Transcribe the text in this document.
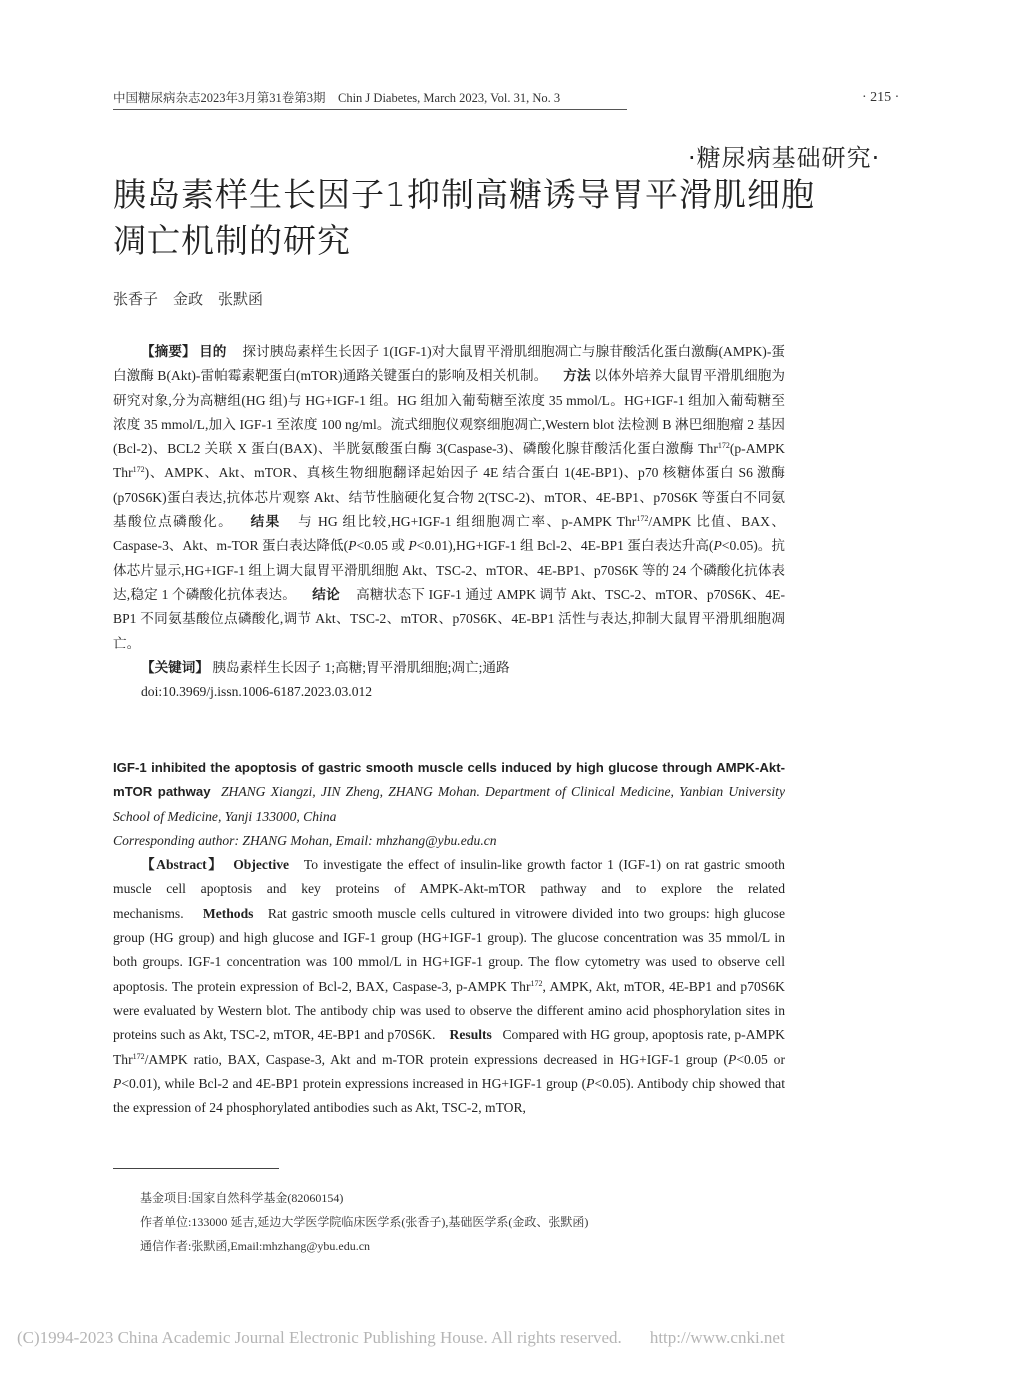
中国糖尿病杂志2023年3月第31卷第3期　Chin J Diabetes, March 2023, Vol. 31, No. 3	· 215 ·
·糖尿病基础研究·
胰岛素样生长因子1抑制高糖诱导胃平滑肌细胞
凋亡机制的研究
张香子　金政　张默函

【摘要】 目的 探讨胰岛素样生长因子 1(IGF-1)对大鼠胃平滑肌细胞凋亡与腺苷酸活化蛋白激酶(AMPK)-蛋白激酶 B(Akt)-雷帕霉素靶蛋白(mTOR)通路关键蛋白的影响及相关机制。 方法 以体外培养大鼠胃平滑肌细胞为研究对象,分为高糖组(HG 组)与 HG+IGF-1 组。HG 组加入葡萄糖至浓度 35 mmol/L。HG+IGF-1 组加入葡萄糖至浓度 35 mmol/L,加入 IGF-1 至浓度 100 ng/ml。流式细胞仪观察细胞凋亡,Western blot 法检测 B 淋巴细胞瘤 2 基因(Bcl-2)、BCL2 关联 X 蛋白(BAX)、半胱氨酸蛋白酶 3(Caspase-3)、磷酸化腺苷酸活化蛋白激酶 Thr$^{172}$(p-AMPK Thr$^{172}$)、AMPK、Akt、mTOR、真核生物细胞翻译起始因子 4E 结合蛋白 1(4E-BP1)、p70 核糖体蛋白 S6 激酶(p70S6K)蛋白表达,抗体芯片观察 Akt、结节性脑硬化复合物 2(TSC-2)、mTOR、4E-BP1、p70S6K 等蛋白不同氨基酸位点磷酸化。 结果 与 HG 组比较,HG+IGF-1 组细胞凋亡率、p-AMPK Thr$^{172}$/AMPK 比值、BAX、Caspase-3、Akt、m-TOR 蛋白表达降低(P<0.05 或 P<0.01),HG+IGF-1 组 Bcl-2、4E-BP1 蛋白表达升高(P<0.05)。抗体芯片显示,HG+IGF-1 组上调大鼠胃平滑肌细胞 Akt、TSC-2、mTOR、4E-BP1、p70S6K 等的 24 个磷酸化抗体表达,稳定 1 个磷酸化抗体表达。 结论 高糖状态下 IGF-1 通过 AMPK 调节 Akt、TSC-2、mTOR、p70S6K、4E-BP1 不同氨基酸位点磷酸化,调节 Akt、TSC-2、mTOR、p70S6K、4E-BP1 活性与表达,抑制大鼠胃平滑肌细胞凋亡。

【关键词】 胰岛素样生长因子 1;高糖;胃平滑肌细胞;凋亡;通路

doi:10.3969/j.issn.1006-6187.2023.03.012

IGF-1 inhibited the apoptosis of gastric smooth muscle cells induced by high glucose through AMPK-Akt-mTOR pathway ZHANG Xiangzi, JIN Zheng, ZHANG Mohan. Department of Clinical Medicine, Yanbian University School of Medicine, Yanji 133000, China

Corresponding author: ZHANG Mohan, Email: mhzhang@ybu.edu.cn

【Abstract】 Objective To investigate the effect of insulin-like growth factor 1 (IGF-1) on rat gastric smooth muscle cell apoptosis and key proteins of AMPK-Akt-mTOR pathway and to explore the related mechanisms. Methods Rat gastric smooth muscle cells cultured in vitrowere divided into two groups: high glucose group (HG group) and high glucose and IGF-1 group (HG+IGF-1 group). The glucose concentration was 35 mmol/L in both groups. IGF-1 concentration was 100 mmol/L in HG+IGF-1 group. The flow cytometry was used to observe cell apoptosis. The protein expression of Bcl-2, BAX, Caspase-3, p-AMPK Thr$^{172}$, AMPK, Akt, mTOR, 4E-BP1 and p70S6K were evaluated by Western blot. The antibody chip was used to observe the different amino acid phosphorylation sites in proteins such as Akt, TSC-2, mTOR, 4E-BP1 and p70S6K. Results Compared with HG group, apoptosis rate, p-AMPK Thr$^{172}$/AMPK ratio, BAX, Caspase-3, Akt and m-TOR protein expressions decreased in HG+IGF-1 group (P<0.05 or P<0.01), while Bcl-2 and 4E-BP1 protein expressions increased in HG+IGF-1 group (P<0.05). Antibody chip showed that the expression of 24 phosphorylated antibodies such as Akt, TSC-2, mTOR,

基金项目:国家自然科学基金(82060154)

作者单位:133000 延吉,延边大学医学院临床医学系(张香子),基础医学系(金政、张默函)

通信作者:张默函,Email:mhzhang@ybu.edu.cn

(C)1994-2023 China Academic Journal Electronic Publishing House. All rights reserved. http://www.cnki.net
